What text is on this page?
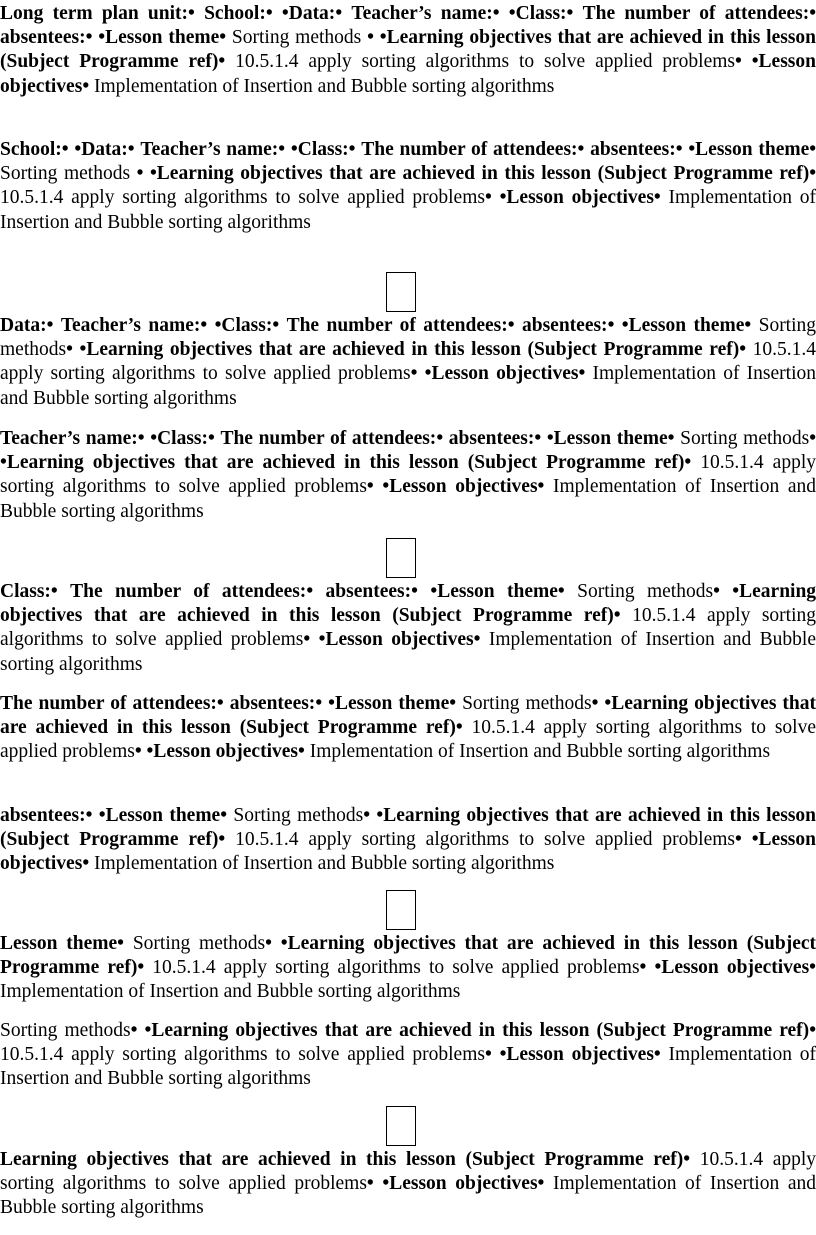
Long term plan unit:• School:• •Data:• Teacher’s name:• •Class:• The number of attendees:• absentees:• •Lesson theme• Sorting methods • •Learning objectives that are achieved in this lesson (Subject Programme ref)• 10.5.1.4 apply sorting algorithms to solve applied problems• •Lesson objectives• Implementation of Insertion and Bubble sorting algorithms
School:• •Data:• Teacher’s name:• •Class:• The number of attendees:• absentees:• •Lesson theme• Sorting methods • •Learning objectives that are achieved in this lesson (Subject Programme ref)• 10.5.1.4 apply sorting algorithms to solve applied problems• •Lesson objectives• Implementation of Insertion and Bubble sorting algorithms
Data:• Teacher’s name:• •Class:• The number of attendees:• absentees:• •Lesson theme• Sorting methods• •Learning objectives that are achieved in this lesson (Subject Programme ref)• 10.5.1.4 apply sorting algorithms to solve applied problems• •Lesson objectives• Implementation of Insertion and Bubble sorting algorithms
Teacher’s name:• •Class:• The number of attendees:• absentees:• •Lesson theme• Sorting methods• •Learning objectives that are achieved in this lesson (Subject Programme ref)• 10.5.1.4 apply sorting algorithms to solve applied problems• •Lesson objectives• Implementation of Insertion and Bubble sorting algorithms
Class:• The number of attendees:• absentees:• •Lesson theme• Sorting methods• •Learning objectives that are achieved in this lesson (Subject Programme ref)• 10.5.1.4 apply sorting algorithms to solve applied problems• •Lesson objectives• Implementation of Insertion and Bubble sorting algorithms
The number of attendees:• absentees:• •Lesson theme• Sorting methods• •Learning objectives that are achieved in this lesson (Subject Programme ref)• 10.5.1.4 apply sorting algorithms to solve applied problems• •Lesson objectives• Implementation of Insertion and Bubble sorting algorithms
absentees:• •Lesson theme• Sorting methods• •Learning objectives that are achieved in this lesson (Subject Programme ref)• 10.5.1.4 apply sorting algorithms to solve applied problems• •Lesson objectives• Implementation of Insertion and Bubble sorting algorithms
Lesson theme• Sorting methods• •Learning objectives that are achieved in this lesson (Subject Programme ref)• 10.5.1.4 apply sorting algorithms to solve applied problems• •Lesson objectives• Implementation of Insertion and Bubble sorting algorithms
Sorting methods• •Learning objectives that are achieved in this lesson (Subject Programme ref)• 10.5.1.4 apply sorting algorithms to solve applied problems• •Lesson objectives• Implementation of Insertion and Bubble sorting algorithms
Learning objectives that are achieved in this lesson (Subject Programme ref)• 10.5.1.4 apply sorting algorithms to solve applied problems• •Lesson objectives• Implementation of Insertion and Bubble sorting algorithms
